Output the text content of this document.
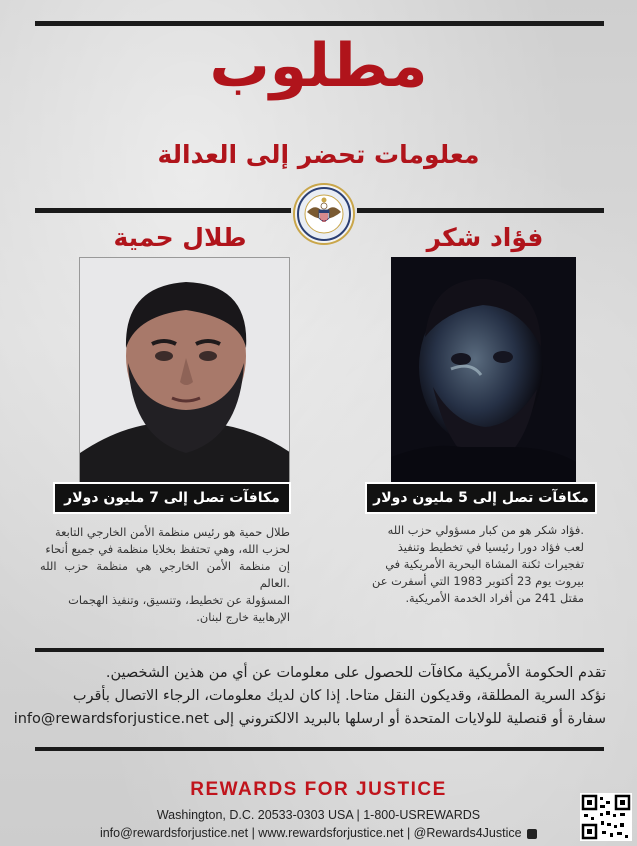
مطلوب
معلومات تحضر إلى العدالة
طلال حمية	فؤاد شكر
مكافآت تصل إلى 7 مليون دولار	مكافآت تصل إلى 5 مليون دولار
طلال حمية هو رئيس منظمة الأمن الخارجي التابعة
لحزب الله، وهي تحتفظ بخلايا منظمة في جميع أنحاء
إن منظمة الأمن الخارجي هي منظمة حزب الله .العالم
المسؤولة عن تخطيط، وتنسيق، وتنفيذ الهجمات
الإرهابية خارج لبنان.
.فؤاد شكر هو من كبار مسؤولي حزب الله
لعب فؤاد دورا رئيسيا في تخطيط وتنفيذ
تفجيرات ثكنة المشاة البحرية الأمريكية في
بيروت يوم 23 أكتوبر 1983 التي أسفرت عن
مقتل 241 من أفراد الخدمة الأمريكية.
تقدم الحكومة الأمريكية مكافآت للحصول على معلومات عن أي من هذين الشخصين.
نؤكد السرية المطلقة، وقديكون النقل متاحا. إذا كان لديك معلومات، الرجاء الاتصال بأقرب
سفارة أو قنصلية للولايات المتحدة أو ارسلها بالبريد الالكتروني إلى info@rewardsforjustice.net
REWARDS FOR JUSTICE
Washington, D.C. 20533-0303 USA | 1-800-USREWARDS
info@rewardsforjustice.net | www.rewardsforjustice.net | @Rewards4Justice
